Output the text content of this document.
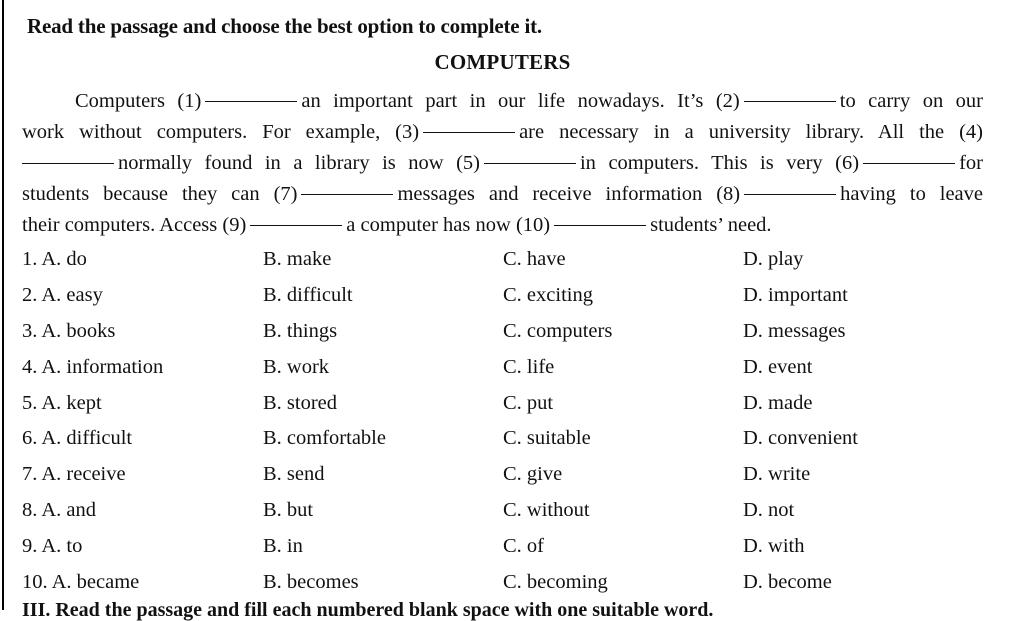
Read the passage and choose the best option to complete it.
COMPUTERS
Computers (1)	an important part in our life nowadays. It’s (2)	to carry on our
work without computers. For example, (3)	are necessary in a university library. All the (4)
normally found in a library is now (5)	in computers. This is very (6)	for
students because they can (7)	messages and receive information (8)	having to leave
their computers. Access (9)	a computer has now (10)	students’ need.
1. A. do	B. make	C. have	D. play
2. A. easy	B. difficult	C. exciting	D. important
3. A. books	B. things	C. computers	D. messages
4. A. information	B. work	C. life	D. event
5. A. kept	B. stored	C. put	D. made
6. A. difficult	B. comfortable	C. suitable	D. convenient
7. A. receive	B. send	C. give	D. write
8. A. and	B. but	C. without	D. not
9. A. to	B. in	C. of	D. with
10. A. became	B. becomes	C. becoming	D. become
III. Read the passage and fill each numbered blank space with one suitable word.
